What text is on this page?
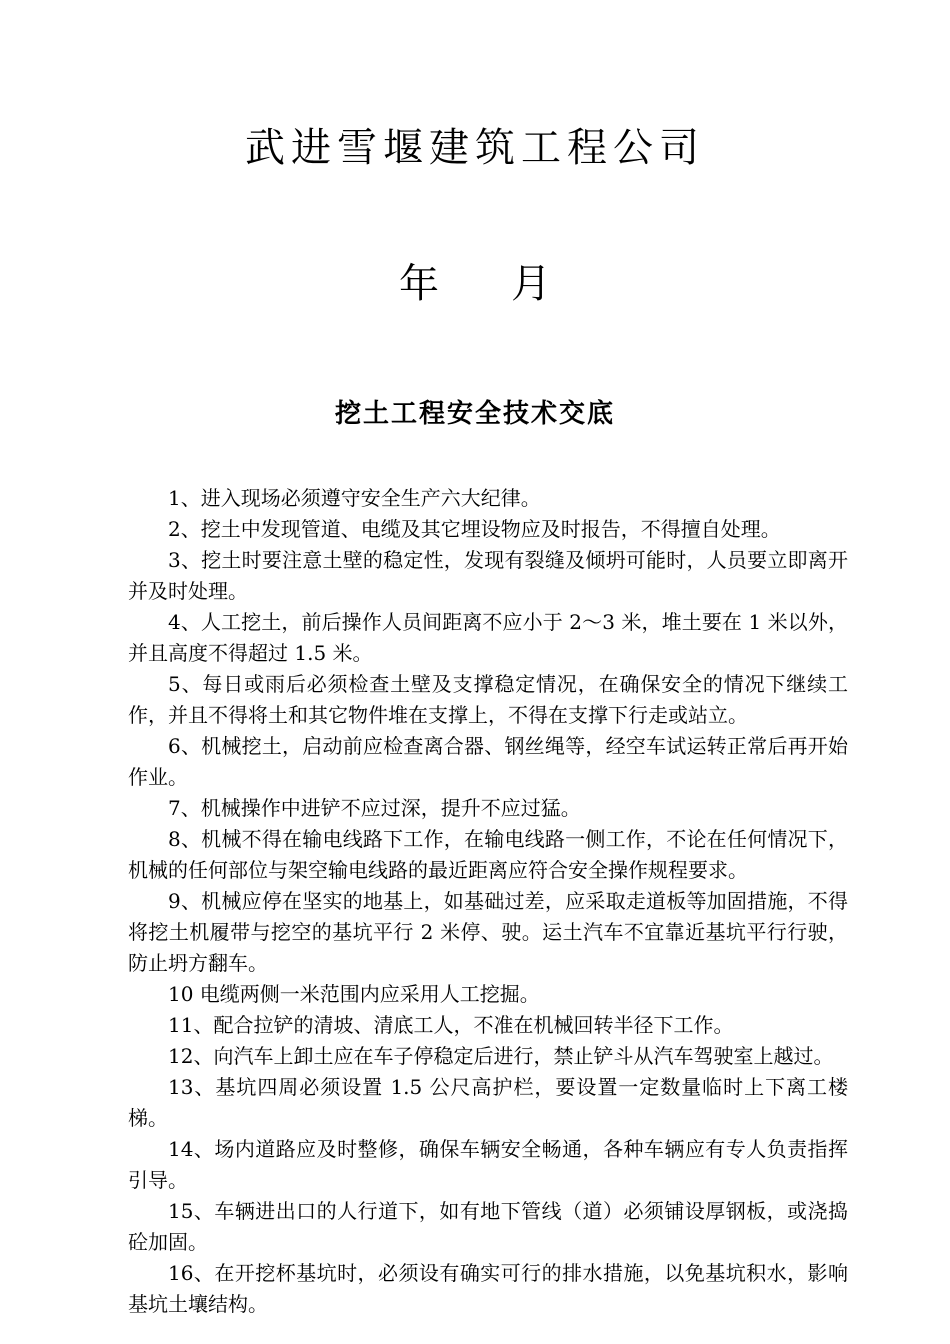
武进雪堰建筑工程公司
年 月
挖土工程安全技术交底
1、进入现场必须遵守安全生产六大纪律。
2、挖土中发现管道、电缆及其它埋设物应及时报告，不得擅自处理。
3、挖土时要注意土壁的稳定性，发现有裂缝及倾坍可能时，人员要立即离开并及时处理。
4、人工挖土，前后操作人员间距离不应小于 2～3 米，堆土要在 1 米以外，并且高度不得超过 1.5 米。
5、每日或雨后必须检查土壁及支撑稳定情况，在确保安全的情况下继续工作，并且不得将土和其它物件堆在支撑上，不得在支撑下行走或站立。
6、机械挖土，启动前应检查离合器、钢丝绳等，经空车试运转正常后再开始作业。
7、机械操作中进铲不应过深，提升不应过猛。
8、机械不得在输电线路下工作，在输电线路一侧工作，不论在任何情况下，机械的任何部位与架空输电线路的最近距离应符合安全操作规程要求。
9、机械应停在坚实的地基上，如基础过差，应采取走道板等加固措施，不得将挖土机履带与挖空的基坑平行 2 米停、驶。运土汽车不宜靠近基坑平行行驶，防止坍方翻车。
10 电缆两侧一米范围内应采用人工挖掘。
11、配合拉铲的清坡、清底工人，不准在机械回转半径下工作。
12、向汽车上卸土应在车子停稳定后进行，禁止铲斗从汽车驾驶室上越过。
13、基坑四周必须设置 1.5 公尺高护栏，要设置一定数量临时上下离工楼梯。
14、场内道路应及时整修，确保车辆安全畅通，各种车辆应有专人负责指挥引导。
15、车辆进出口的人行道下，如有地下管线（道）必须铺设厚钢板，或浇捣砼加固。
16、在开挖杯基坑时，必须设有确实可行的排水措施，以免基坑积水，影响基坑土壤结构。
